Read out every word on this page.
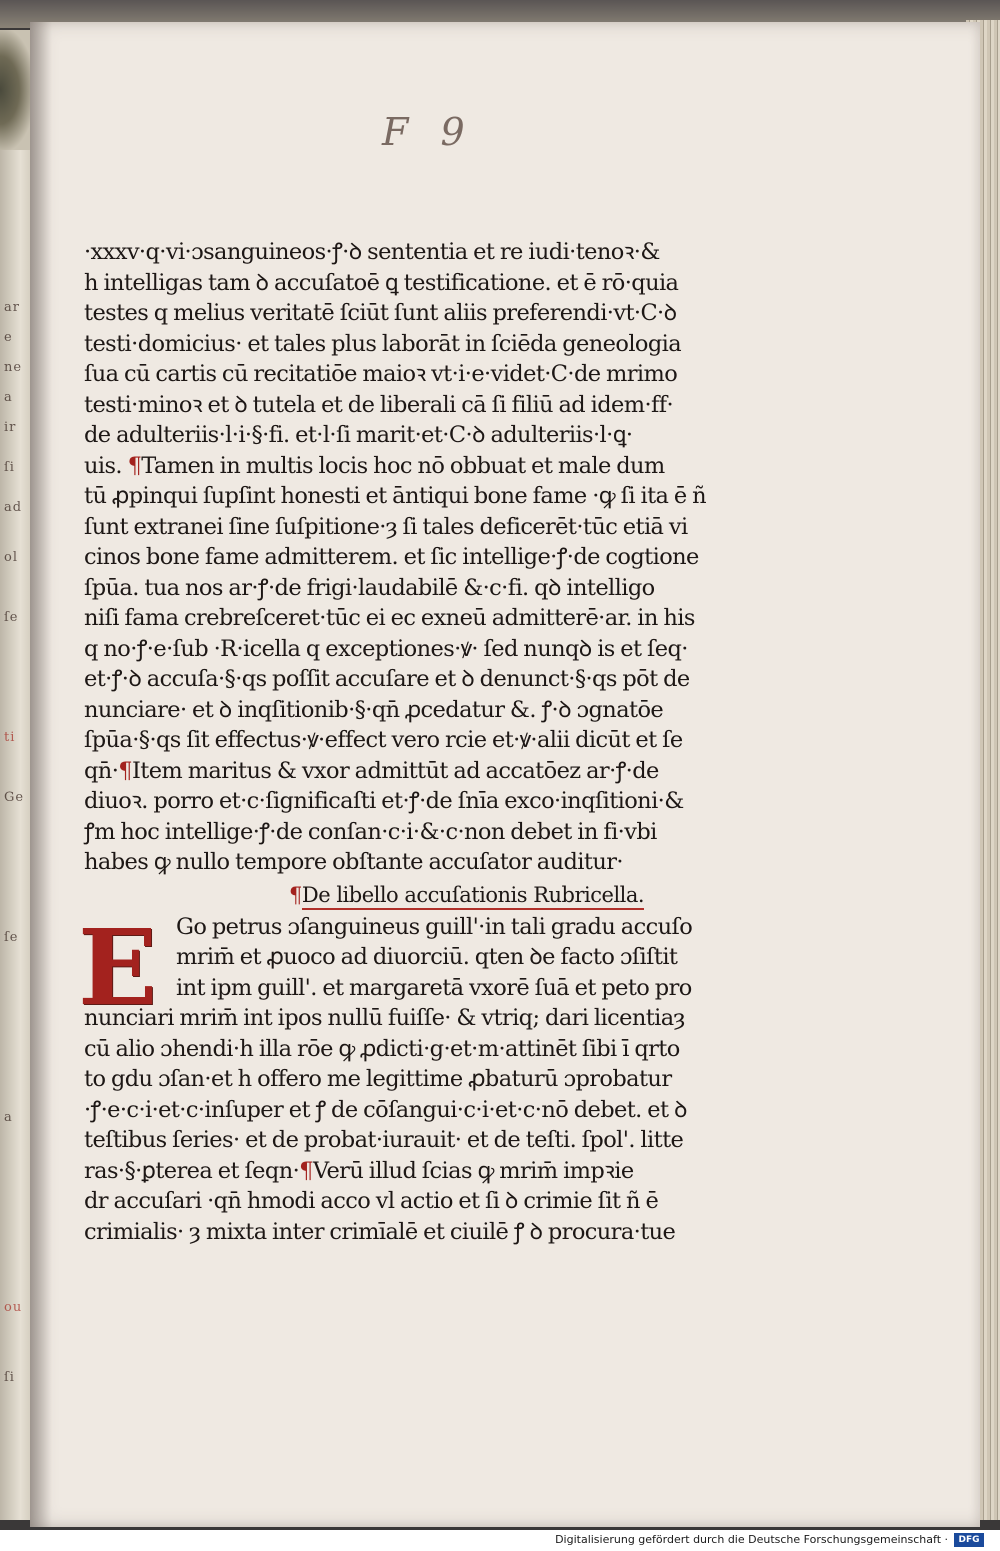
ar
e
ne
a
ir
ſi
ad
ol
ſe
ti
Ge
ſe
a
ou
ſi
F 9
·xxxv·q·vi·ɔsanguineos·ꝭ·ꝺ sententia et re iudi·tenoꝛ·&
h intelligas tam ꝺ accuſatoē ꝗ testificatione. et ē rō·quia
testes q melius veritatē ſciūt ſunt aliis preferendi·vt·C·ꝺ
testi·domicius· et tales plus laborāt in ſciēda geneologia
ſua cū cartis cū recitatiōe maioꝛ vt·i·e·videt·C·de mrimo
testi·minoꝛ et ꝺ tutela et de liberali cā ſi filiū ad idem·ff·
de adulteriis·l·i·§·fi. et·l·ſi marit·et·C·ꝺ adulteriis·l·ꝗ·
uis. ¶Tamen in multis locis hoc nō obbuat et male dum
tū ꝓpinqui ſupſint honesti et āntiqui bone fame ·ꝙ ſi ita ē ñ
ſunt extranei ſine ſuſpitione·ȝ ſi tales deficerēt·tūc etiā vi
cinos bone fame admitterem. et ſic intellige·ꝭ·de cogtione
ſpūa. tua nos ar·ꝭ·de frigi·laudabilē &·c·fi. qꝺ intelligo
niſi fama crebreſceret·tūc ei ec exneū admitterē·ar. in his
q no·ꝭ·e·ſub ·R·icella q exceptiones·ꝟ· ſed nunqꝺ is et ſeq·
et·ꝭ·ꝺ accuſa·§·qs poſſit accuſare et ꝺ denunct·§·qs pōt de
nunciare· et ꝺ inqſitionib·§·qn̄ ꝓcedatur &. ꝭ·ꝺ ɔgnatōe
ſpūa·§·qs ſit effectus·ꝟ·effect vero rcie et·ꝟ·alii dicūt et ſe
qn̄·¶Item maritus & vxor admittūt ad accatōez ar·ꝭ·de
diuoꝛ. porro et·c·ſignificaſti et·ꝭ·de ſnīa exco·inqſitioni·&
ꝭm hoc intellige·ꝭ·de conſan·c·i·&·c·non debet in fi·vbi
habes ꝙ nullo tempore obſtante accuſator auditur·
¶De libello accuſationis Rubricella.
E Go petrus ɔſanguineus guill'·in tali gradu accuſo
mrim̄ et ꝓuoco ad diuorciū. qten ꝺe facto ɔſiſtit
int ipm guill'. et margaretā vxorē ſuā et peto pro
nunciari mrim̄ int ipos nullū fuiſſe· & vtriq; dari licentiaȝ
cū alio ɔhendi·h illa rōe ꝙ ꝓdicti·g·et·m·attinēt ſibi ī qrto
to gdu ɔſan·et h offero me legittime ꝓbaturū ɔprobatur
·ꝭ·e·c·i·et·c·inſuper et ꝭ de cōſangui·c·i·et·c·nō debet. et ꝺ
teſtibus ſeries· et de probat·iurauit· et de teſti. ſpol'. litte
ras·§·ꝑterea et ſeqn·¶Verū illud ſcias ꝙ mrim̄ impꝛie
dr accuſari ·qn̄ hmodi acco vl actio et ſi ꝺ crimie ſit ñ ē
crimialis· ȝ mixta inter crimīalē et ciuilē ꝭ ꝺ procura·tue
Digitalisierung gefördert durch die Deutsche Forschungsgemeinschaft ·	DFG
